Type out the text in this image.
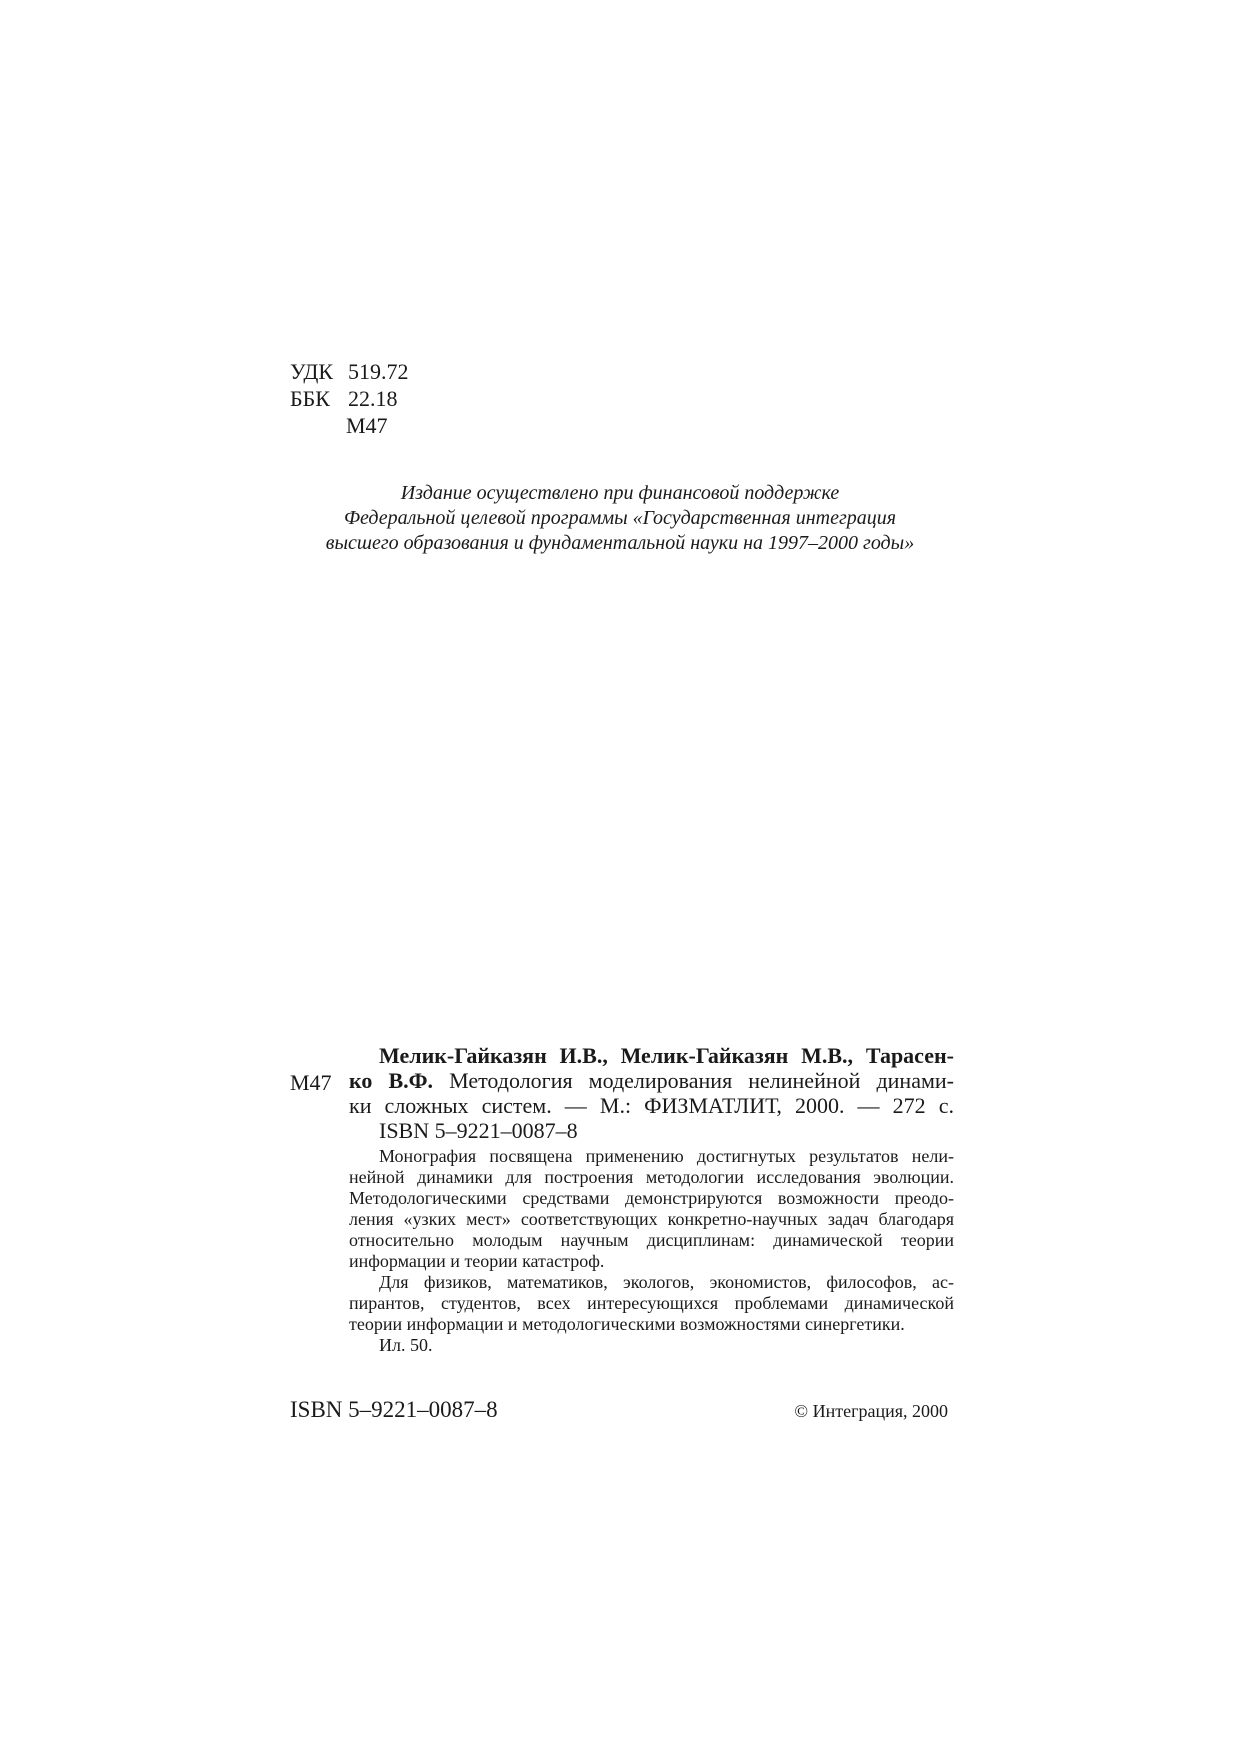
УДК 519.72
ББК 22.18
М47
Издание осуществлено при финансовой поддержке
Федеральной целевой программы «Государственная интеграция
высшего образования и фундаментальной науки на 1997–2000 годы»
М47
Мелик-Гайказян И.В., Мелик-Гайказян М.В., Тарасен-
ко В.Ф. Методология моделирования нелинейной динами-
ки сложных систем. — М.: ФИЗМАТЛИТ, 2000. — 272 с.
ISBN 5–9221–0087–8
Монография посвящена применению достигнутых результатов нели-
нейной динамики для построения методологии исследования эволюции.
Методологическими средствами демонстрируются возможности преодо-
ления «узких мест» соответствующих конкретно-научных задач благодаря
относительно молодым научным дисциплинам: динамической теории
информации и теории катастроф.
Для физиков, математиков, экологов, экономистов, философов, ас-
пирантов, студентов, всех интересующихся проблемами динамической
теории информации и методологическими возможностями синергетики.
Ил. 50.
ISBN 5–9221–0087–8	© Интеграция, 2000
